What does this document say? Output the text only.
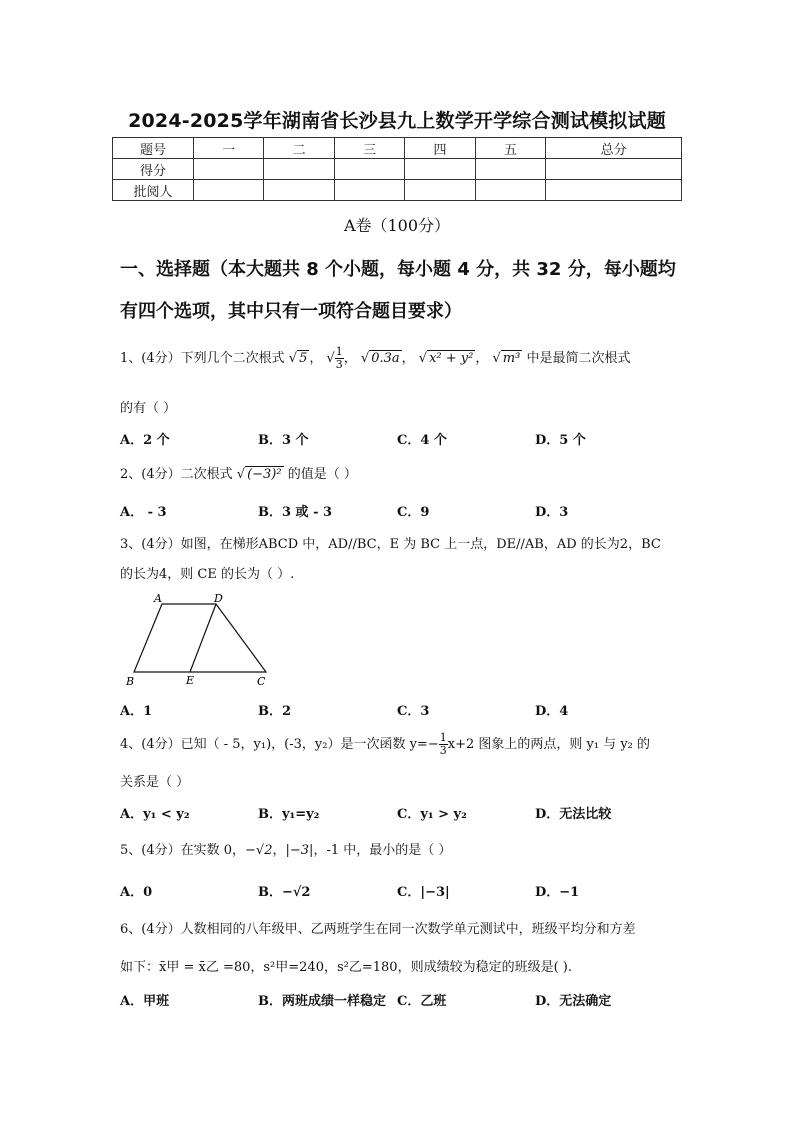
2024-2025学年湖南省长沙县九上数学开学综合测试模拟试题
题号	一	二	三	四	五	总分
得分						
批阅人						
A卷（100分）
一、选择题（本大题共 8 个小题，每小题 4 分，共 32 分，每小题均
有四个选项，其中只有一项符合题目要求）
1、(4分）下列几个二次根式 √ 5 ， √ $\frac{1}{3}$ ， √ 0.3a ， √ x² + y² ， √ m³ 中是最简二次根式
的有（ ）
A．2 个	B．3 个	C．4 个	D．5 个
2、(4分）二次根式 √ (−3)² 的值是（ ）
A． - 3	B．3 或 - 3	C．9	D．3
3、(4分）如图，在梯形ABCD 中，AD//BC，E 为 BC 上一点，DE//AB，AD 的长为2，BC
的长为4，则 CE 的长为（ ）.
A	D
B	E	C
A．1	B．2	C．3	D．4
4、(4分）已知（ - 5，y₁)，(-3，y₂）是一次函数 $y=- \frac{1}{3} x+2$ 图象上的两点，则 y₁ 与 y₂ 的
关系是（ ）
A．y₁ < y₂	B．y₁=y₂	C．y₁ > y₂	D．无法比较
5、(4分）在实数 0，−√2，|−3|，-1 中，最小的是（ ）
A．0	B．−√2	C．|−3|	D．−1
6、(4分）人数相同的八年级甲、乙两班学生在同一次数学单元测试中，班级平均分和方差
如下：x̄甲 = x̄乙 =80，s²甲=240，s²乙=180，则成绩较为稳定的班级是( ).
A．甲班	B．两班成绩一样稳定 C．乙班	D．无法确定
